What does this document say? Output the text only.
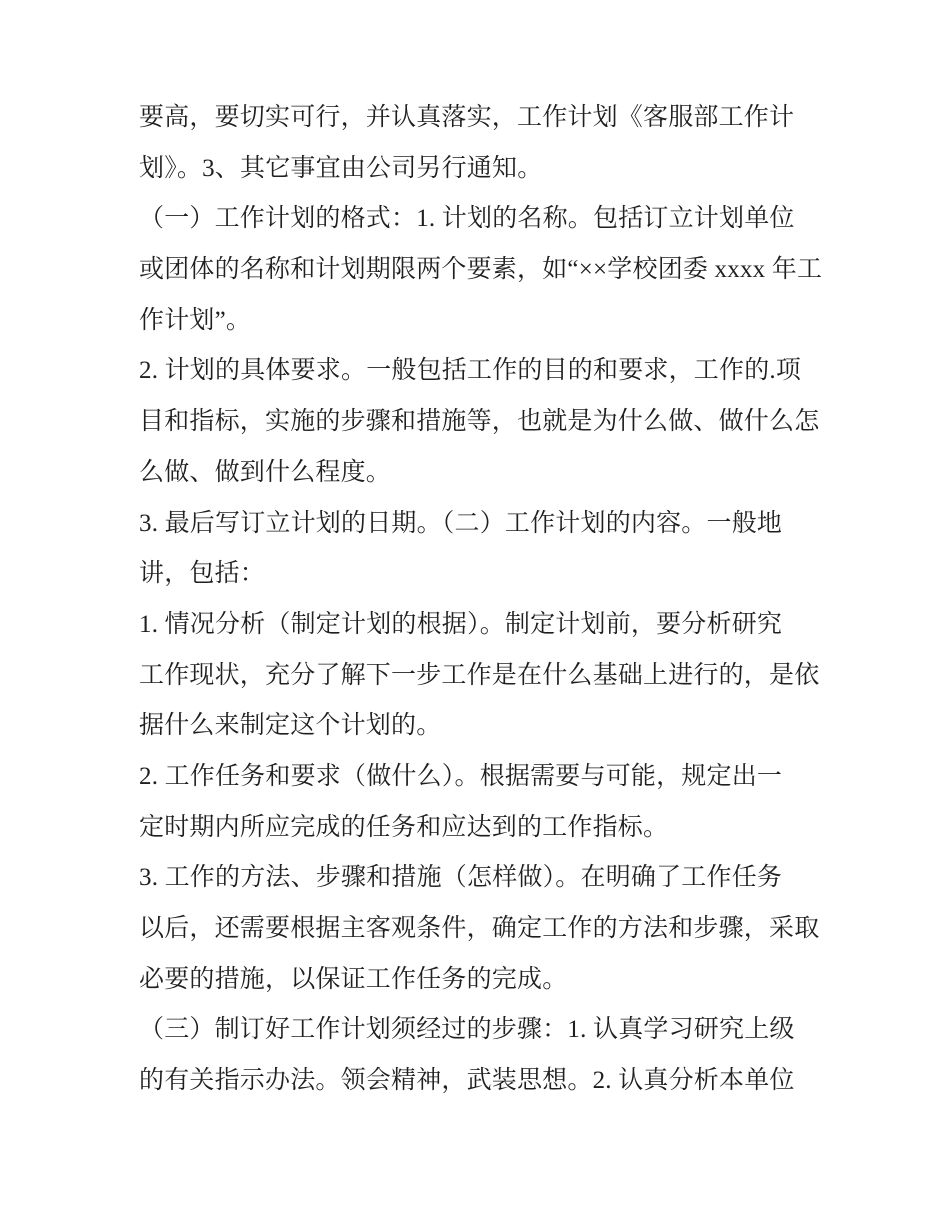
要高，要切实可行，并认真落实，工作计划《客服部工作计
划》。3、其它事宜由公司另行通知。
（一）工作计划的格式：1. 计划的名称。包括订立计划单位
或团体的名称和计划期限两个要素，如“××学校团委 xxxx 年工
作计划”。
2. 计划的具体要求。一般包括工作的目的和要求，工作的.项
目和指标，实施的步骤和措施等，也就是为什么做、做什么怎
么做、做到什么程度。
3. 最后写订立计划的日期。（二）工作计划的内容。一般地
讲，包括：
1. 情况分析（制定计划的根据）。制定计划前，要分析研究
工作现状，充分了解下一步工作是在什么基础上进行的，是依
据什么来制定这个计划的。
2. 工作任务和要求（做什么）。根据需要与可能，规定出一
定时期内所应完成的任务和应达到的工作指标。
3. 工作的方法、步骤和措施（怎样做）。在明确了工作任务
以后，还需要根据主客观条件，确定工作的方法和步骤，采取
必要的措施，以保证工作任务的完成。
（三）制订好工作计划须经过的步骤：1. 认真学习研究上级
的有关指示办法。领会精神，武装思想。2. 认真分析本单位
